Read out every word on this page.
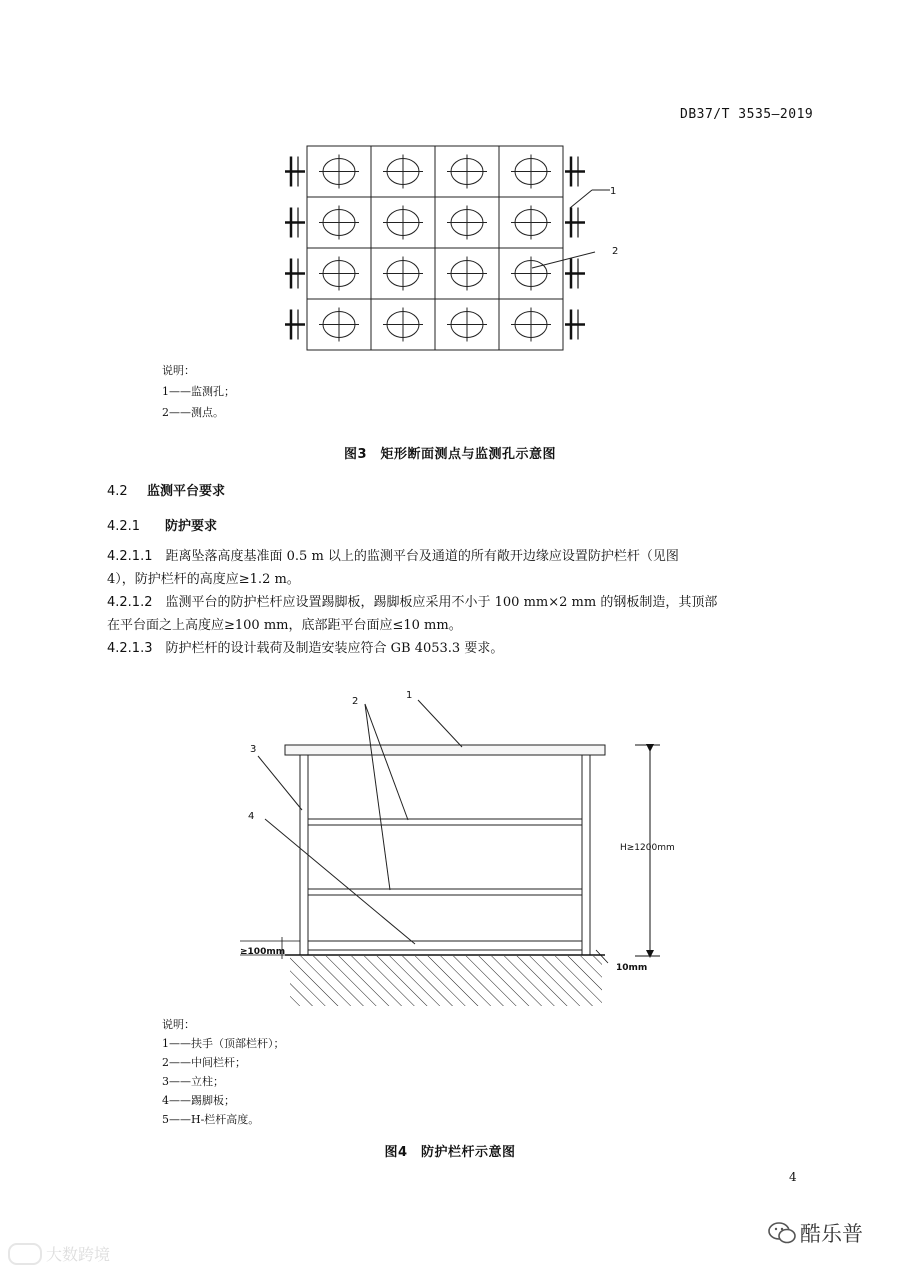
DB37/T 3535—2019
1
2
说明：
1——监测孔；
2——测点。
图3　矩形断面测点与监测孔示意图
4.2 监测平台要求
4.2.1 防护要求
4.2.1.1　 距离坠落高度基准面 0.5 m 以上的监测平台及通道的所有敞开边缘应设置防护栏杆（见图
4），防护栏杆的高度应≥1.2 m。
4.2.1.2　 监测平台的防护栏杆应设置踢脚板，踢脚板应采用不小于 100 mm×2 mm 的钢板制造，其顶部
在平台面之上高度应≥100 mm，底部距平台面应≤10 mm。
4.2.1.3　 防护栏杆的设计载荷及制造安装应符合 GB 4053.3 要求。
H≥1200mm
≥100mm
10mm
1
2
3
4
说明：
1——扶手（顶部栏杆）；
2——中间栏杆；
3——立柱；
4——踢脚板；
5——H-栏杆高度。
图4　防护栏杆示意图
4
大数跨境
酷乐普
